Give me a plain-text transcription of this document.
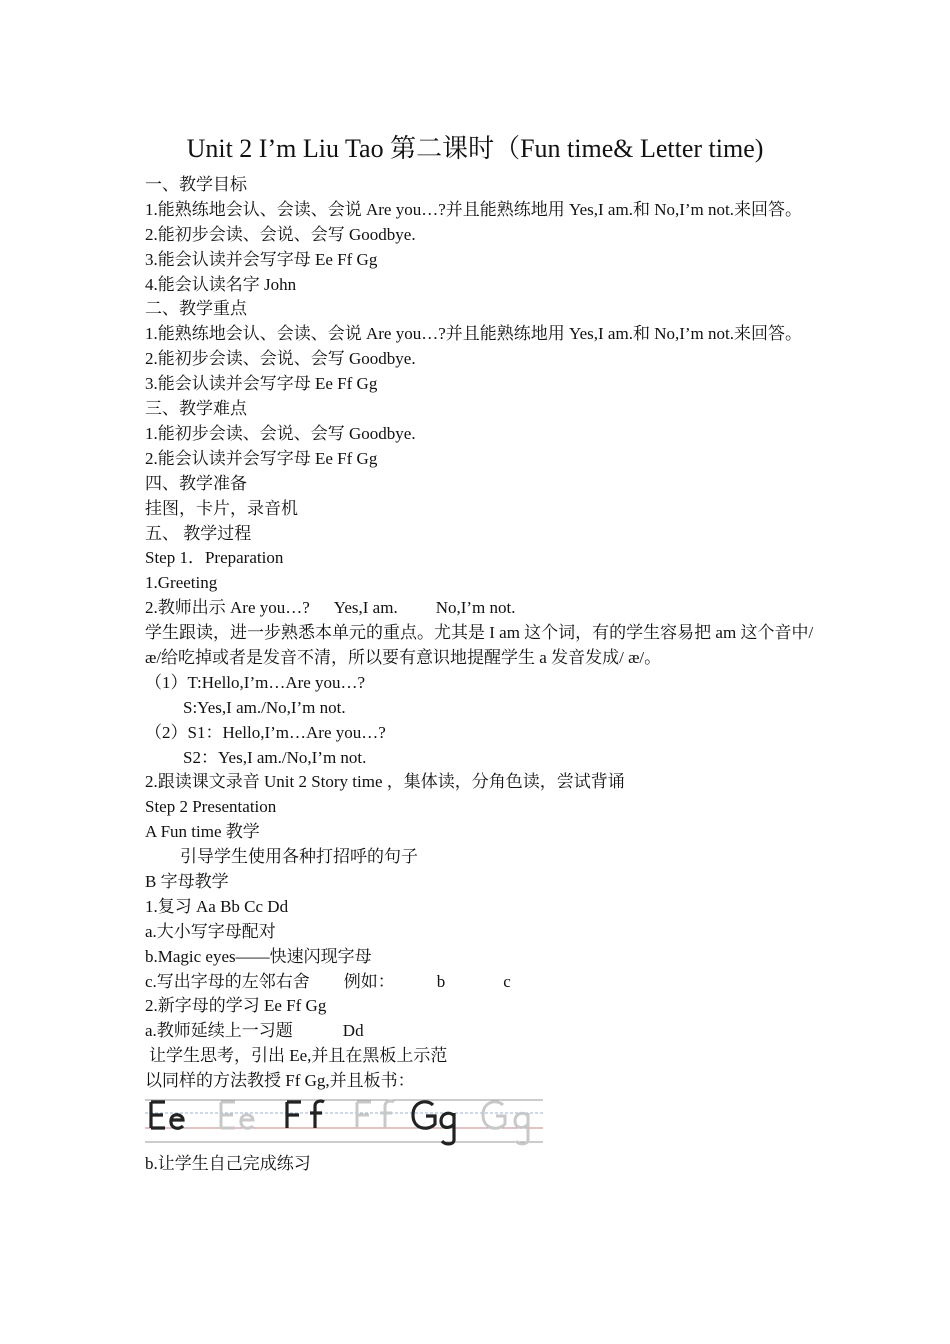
Unit 2 I’m Liu Tao 第二课时（Fun time& Letter time)
一、教学目标
1.能熟练地会认、会读、会说 Are you…?并且能熟练地用 Yes,I am.和 No,I’m not.来回答。
2.能初步会读、会说、会写 Goodbye.
3.能会认读并会写字母 Ee Ff Gg
4.能会认读名字 John
二、教学重点
1.能熟练地会认、会读、会说 Are you…?并且能熟练地用 Yes,I am.和 No,I’m not.来回答。
2.能初步会读、会说、会写 Goodbye.
3.能会认读并会写字母 Ee Ff Gg
三、教学难点
1.能初步会读、会说、会写 Goodbye.
2.能会认读并会写字母 Ee Ff Gg
四、教学准备
挂图，卡片，录音机
五、 教学过程
Step 1．Preparation
1.Greeting
2.教师出示 Are you…? Yes,I am. No,I’m not.
学生跟读，进一步熟悉本单元的重点。尤其是 I am 这个词，有的学生容易把 am 这个音中/ æ/给吃掉或者是发音不清，所以要有意识地提醒学生 a 发音发成/ æ/。
（1）T:Hello,I’m…Are you…?
S:Yes,I am./No,I’m not.
（2）S1：Hello,I’m…Are you…?
S2：Yes,I am./No,I’m not.
2.跟读课文录音 Unit 2 Story time ，集体读，分角色读，尝试背诵
Step 2 Presentation
A Fun time 教学
引导学生使用各种打招呼的句子
B 字母教学
1.复习 Aa Bb Cc Dd
a.大小写字母配对
b.Magic eyes——快速闪现字母
c.写出字母的左邻右舍 例如： b	c
2.新字母的学习 Ee Ff Gg
a.教师延续上一习题	Dd
让学生思考，引出 Ee,并且在黑板上示范
以同样的方法教授 Ff Gg,并且板书：
b.让学生自己完成练习
